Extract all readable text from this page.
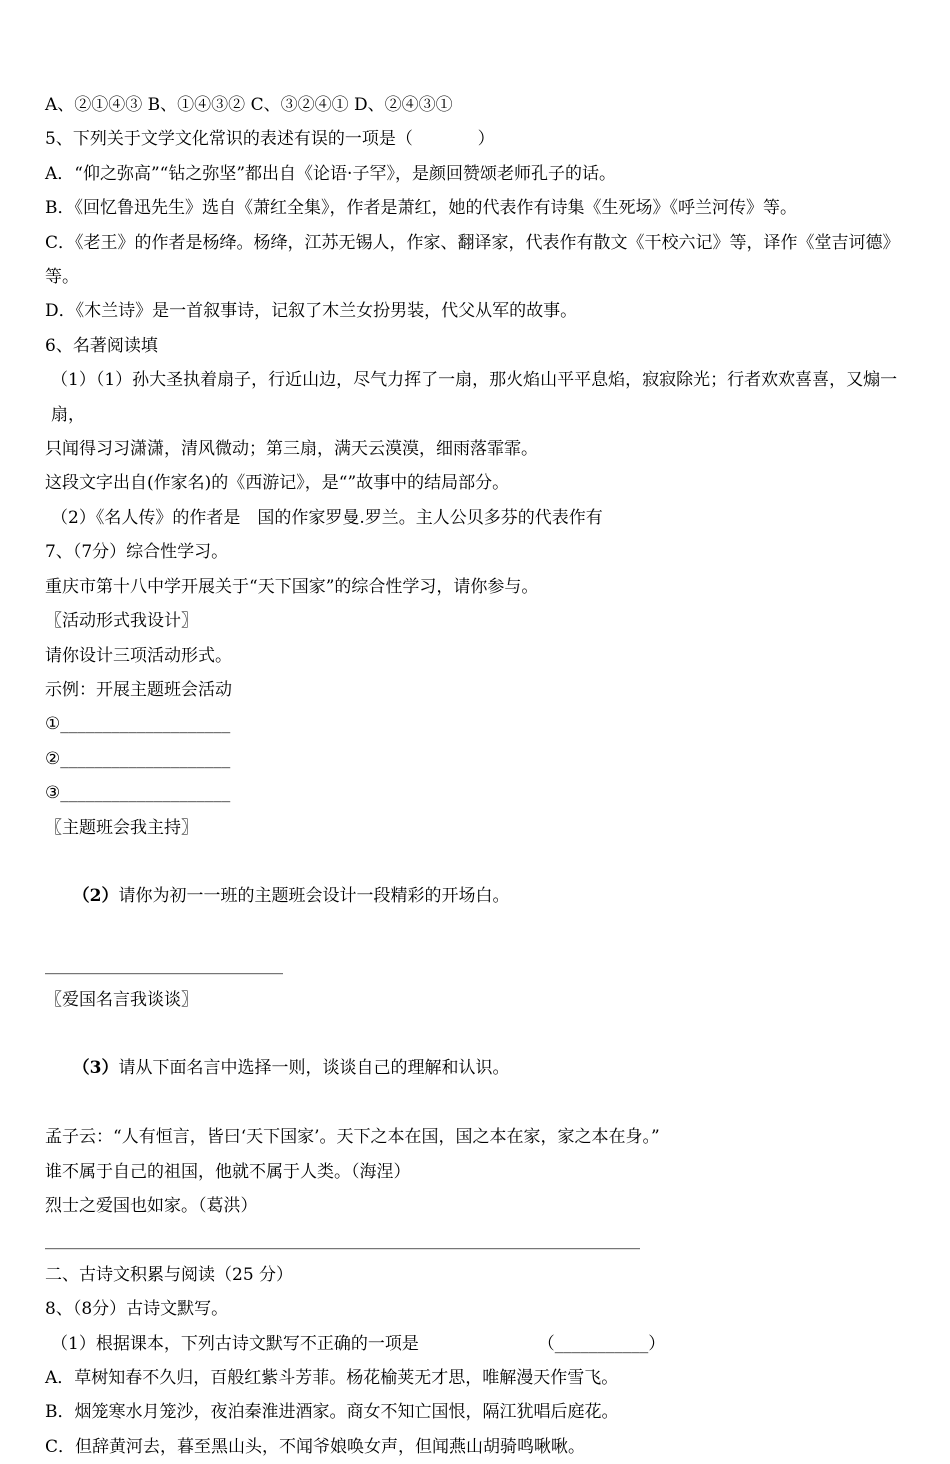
A、②①④③ B、①④③② C、③②④① D、②④③①

5、下列关于文学文化常识的表述有误的一项是（            ）

A．“仰之弥高”“钻之弥坚”都出自《论语·子罕》，是颜回赞颂老师孔子的话。

B．《回忆鲁迅先生》选自《萧红全集》，作者是萧红，她的代表作有诗集《生死场》《呼兰河传》等。

C．《老王》的作者是杨绛。杨绛，江苏无锡人，作家、翻译家，代表作有散文《干校六记》等，译作《堂吉诃德》等。

D．《木兰诗》是一首叙事诗，记叙了木兰女扮男装，代父从军的故事。

6、名著阅读填

（1）（1）孙大圣执着扇子，行近山边，尽气力挥了一扇，那火焰山平平息焰，寂寂除光；行者欢欢喜喜，又煽一扇，

只闻得习习潇潇，清风微动；第三扇，满天云漠漠，细雨落霏霏。

这段文字出自(作家名)的《西游记》，是“”故事中的结局部分。

（2）《名人传》的作者是　国的作家罗曼.罗兰。主人公贝多芬的代表作有

7、（7分）综合性学习。

重庆市第十八中学开展关于“天下国家”的综合性学习，请你参与。

〖活动形式我设计〗

请你设计三项活动形式。

示例：开展主题班会活动

①____________________

②____________________

③____________________

〖主题班会我主持〗

（2）请你为初一一班的主题班会设计一段精彩的开场白。

____________________________

〖爱国名言我谈谈〗

（3）请从下面名言中选择一则，谈谈自己的理解和认识。

孟子云：“人有恒言，皆曰‘天下国家’。天下之本在国，国之本在家，家之本在身。”

谁不属于自己的祖国，他就不属于人类。（海涅）

烈士之爱国也如家。（葛洪）

______________________________________________________________________

二、古诗文积累与阅读（25 分）

8、（8分）古诗文默写。

（1）根据课本，下列古诗文默写不正确的一项是                      （___________）

A．草树知春不久归，百般红紫斗芳菲。杨花榆荚无才思，唯解漫天作雪飞。

B．烟笼寒水月笼沙，夜泊秦淮进酒家。商女不知亡国恨，隔江犹唱后庭花。

C．但辞黄河去，暮至黑山头，不闻爷娘唤女声，但闻燕山胡骑鸣啾啾。
